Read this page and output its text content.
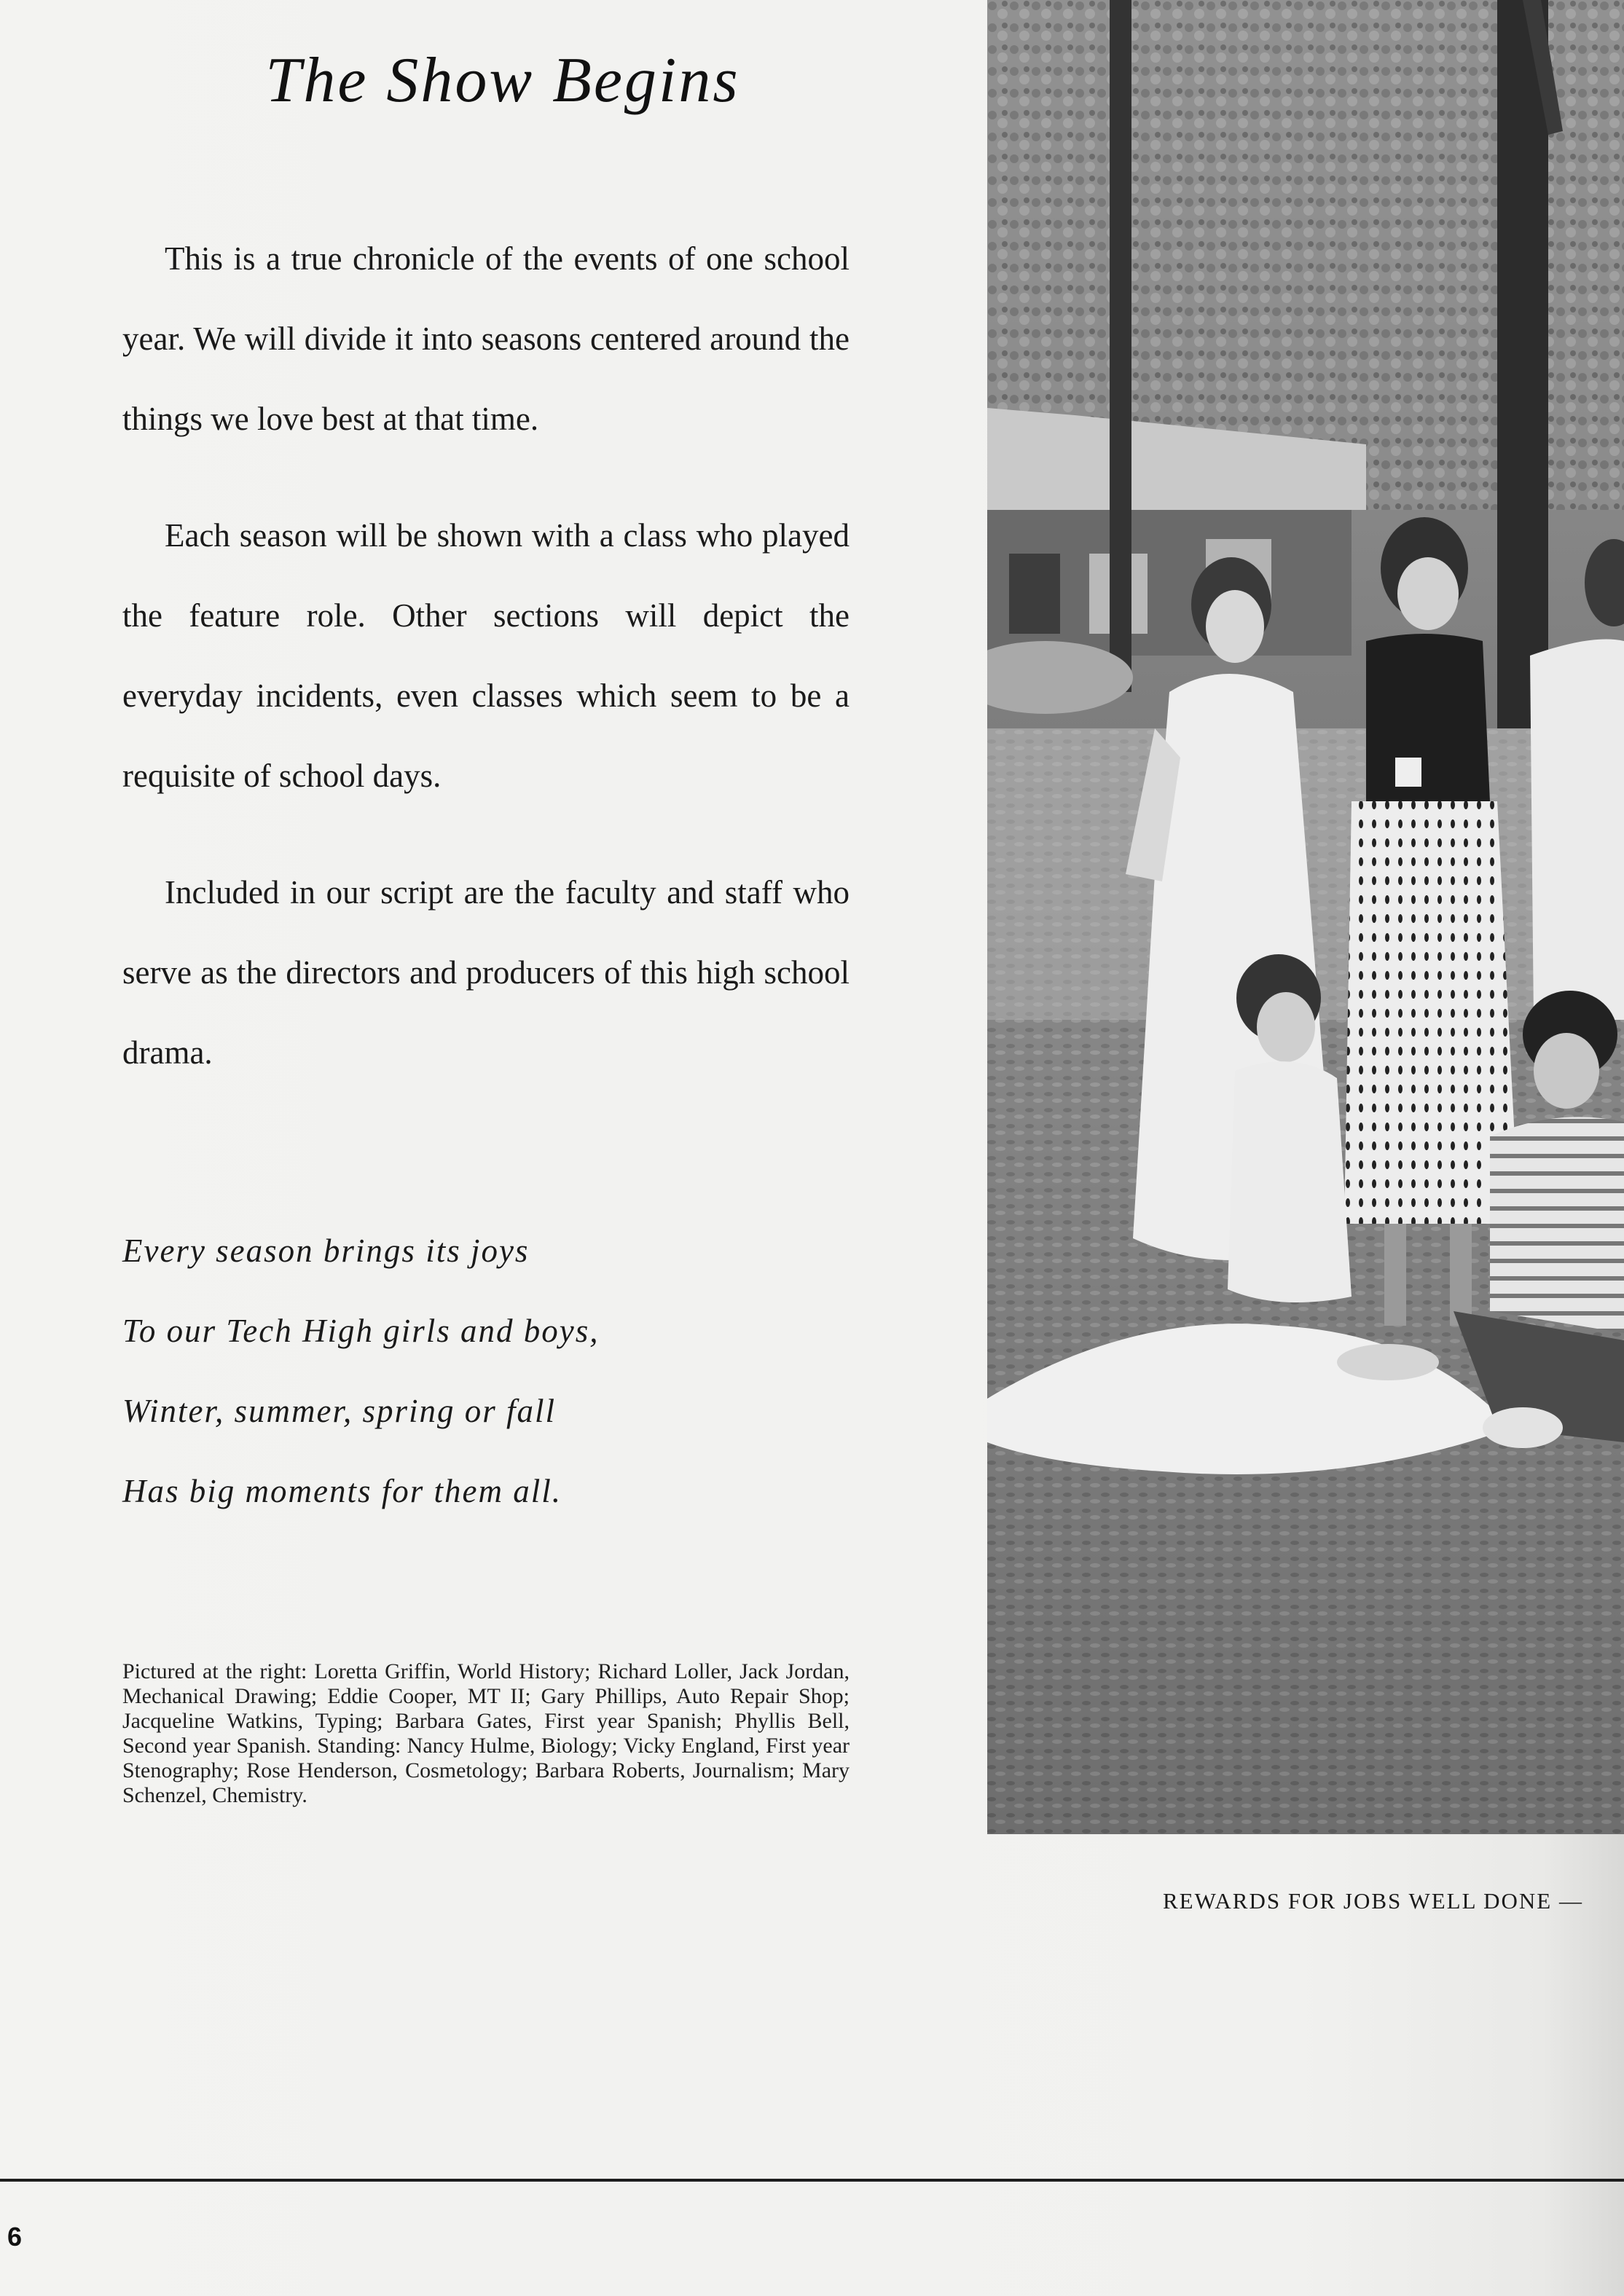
The Show Begins

This is a true chronicle of the events of one school year. We will divide it into seasons centered around the things we love best at that time.

Each season will be shown with a class who played the feature role. Other sections will depict the everyday incidents, even classes which seem to be a requisite of school days.

Included in our script are the faculty and staff who serve as the directors and producers of this high school drama.

Every season brings its joys
To our Tech High girls and boys,
Winter, summer, spring or fall
Has big moments for them all.

Pictured at the right: Loretta Griffin, World History; Richard Loller, Jack Jordan, Mechanical Drawing; Eddie Cooper, MT II; Gary Phillips, Auto Repair Shop; Jacqueline Watkins, Typing; Barbara Gates, First year Spanish; Phyllis Bell, Second year Spanish. Standing: Nancy Hulme, Biology; Vicky England, First year Stenography; Rose Henderson, Cosmetology; Barbara Roberts, Journalism; Mary Schenzel, Chemistry.

REWARDS FOR JOBS WELL DONE —
6
